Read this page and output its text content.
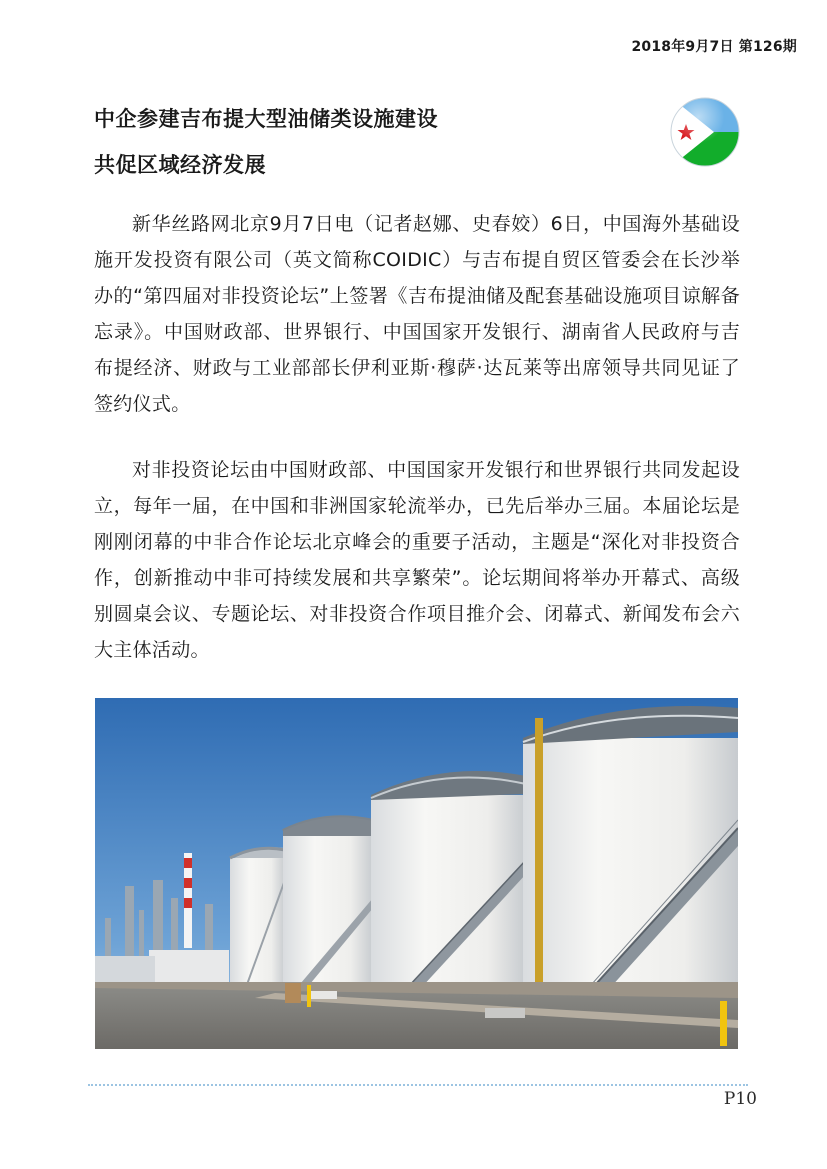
2018年9月7日 第126期
中企参建吉布提大型油储类设施建设
共促区域经济发展

新华丝路网北京9月7日电（记者赵娜、史春姣）6日，中国海外基础设施开发投资有限公司（英文简称COIDIC）与吉布提自贸区管委会在长沙举办的“第四届对非投资论坛”上签署《吉布提油储及配套基础设施项目谅解备忘录》。中国财政部、世界银行、中国国家开发银行、湖南省人民政府与吉布提经济、财政与工业部部长伊利亚斯·穆萨·达瓦莱等出席领导共同见证了签约仪式。

对非投资论坛由中国财政部、中国国家开发银行和世界银行共同发起设立，每年一届，在中国和非洲国家轮流举办，已先后举办三届。本届论坛是刚刚闭幕的中非合作论坛北京峰会的重要子活动，主题是“深化对非投资合作，创新推动中非可持续发展和共享繁荣”。论坛期间将举办开幕式、高级别圆桌会议、专题论坛、对非投资合作项目推介会、闭幕式、新闻发布会六大主体活动。

P10
